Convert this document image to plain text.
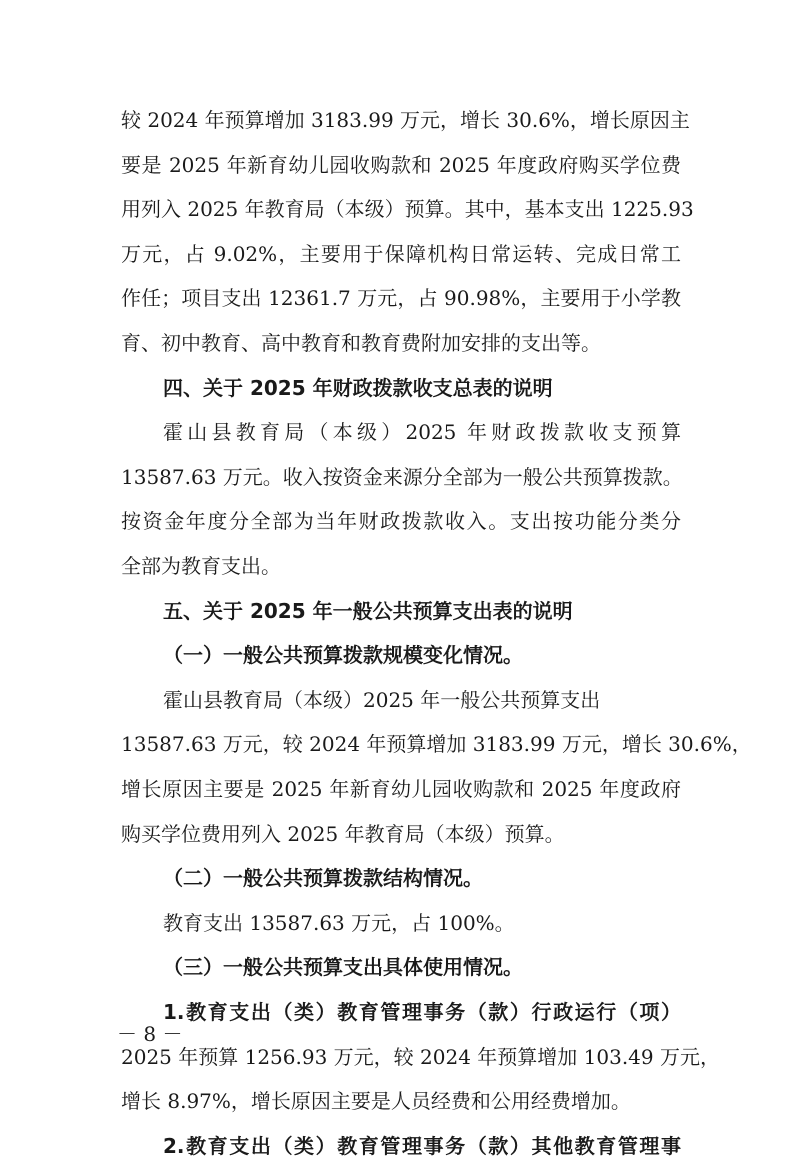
较 2024 年预算增加 3183.99 万元，增长 30.6%，增长原因主
要是 2025 年新育幼儿园收购款和 2025 年度政府购买学位费
用列入 2025 年教育局（本级）预算。其中，基本支出 1225.93
万元，占 9.02%，主要用于保障机构日常运转、完成日常工
作任；项目支出 12361.7 万元，占 90.98%，主要用于小学教
育、初中教育、高中教育和教育费附加安排的支出等。
四、关于 2025 年财政拨款收支总表的说明
霍山县教育局（本级）2025 年财政拨款收支预算
13587.63 万元。收入按资金来源分全部为一般公共预算拨款。
按资金年度分全部为当年财政拨款收入。支出按功能分类分
全部为教育支出。
五、关于 2025 年一般公共预算支出表的说明
（一）一般公共预算拨款规模变化情况。
霍山县教育局（本级）2025 年一般公共预算支出
13587.63 万元，较 2024 年预算增加 3183.99 万元，增长 30.6%，
增长原因主要是 2025 年新育幼儿园收购款和 2025 年度政府
购买学位费用列入 2025 年教育局（本级）预算。
（二）一般公共预算拨款结构情况。
教育支出 13587.63 万元，占 100%。
（三）一般公共预算支出具体使用情况。
1.教育支出（类）教育管理事务（款）行政运行（项）
2025 年预算 1256.93 万元，较 2024 年预算增加 103.49 万元，
增长 8.97%，增长原因主要是人员经费和公用经费增加。
2.教育支出（类）教育管理事务（款）其他教育管理事
－ 8 －
